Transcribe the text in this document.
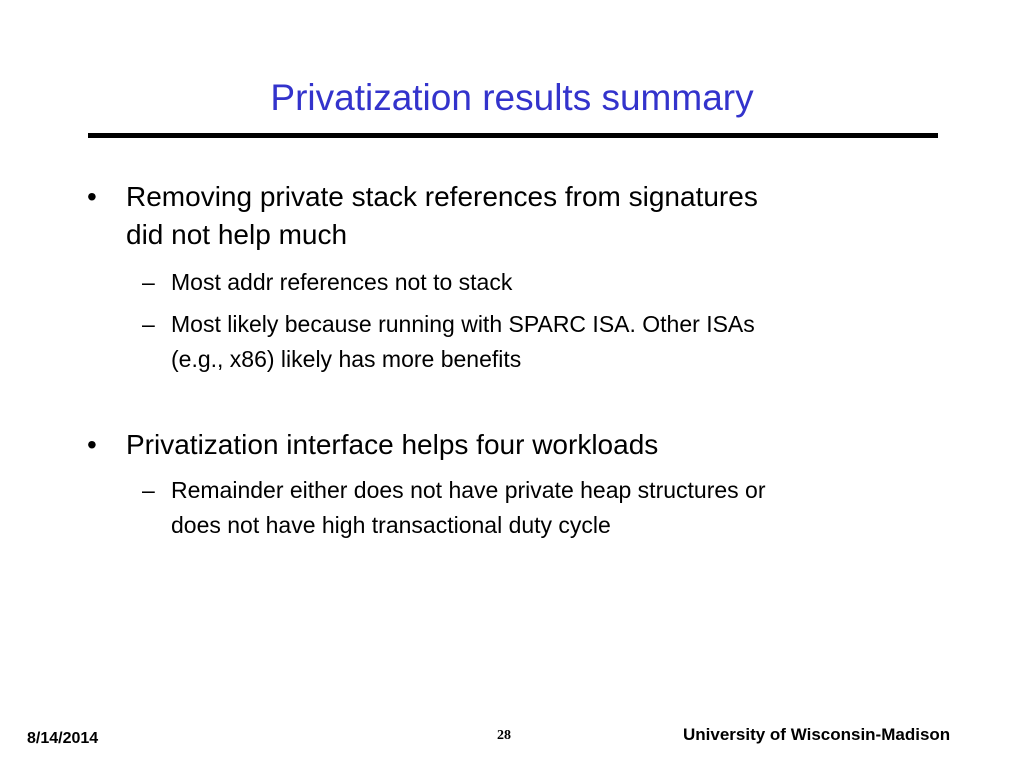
Privatization results summary
• Removing private stack references from signatures
did not help much
– Most addr references not to stack
– Most likely because running with SPARC ISA. Other ISAs
(e.g., x86) likely has more benefits
• Privatization interface helps four workloads
– Remainder either does not have private heap structures or
does not have high transactional duty cycle
8/14/2014	28	University of Wisconsin-Madison
